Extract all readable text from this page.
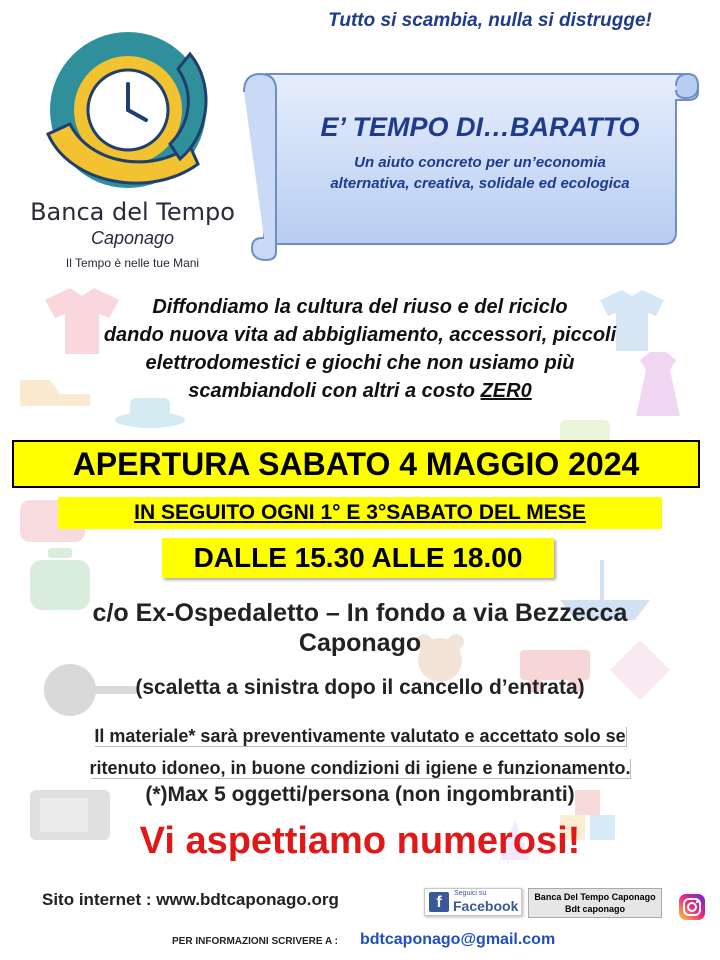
Banca del Tempo
Caponago
Il Tempo è nelle tue Mani
Tutto si scambia, nulla si distrugge!
E’ TEMPO DI…BARATTO
Un aiuto concreto per un’economia
alternativa, creativa, solidale ed ecologica
Diffondiamo la cultura del riuso e del riciclo
dando nuova vita ad abbigliamento, accessori, piccoli
elettrodomestici e giochi che non usiamo più
scambiandoli con altri a costo ZER0
APERTURA SABATO 4 MAGGIO 2024
IN SEGUITO OGNI 1° E 3°SABATO DEL MESE
DALLE 15.30 ALLE 18.00
c/o Ex-Ospedaletto – In fondo a via Bezzecca
Caponago
(scaletta a sinistra dopo il cancello d’entrata)
Il materiale* sarà preventivamente valutato e accettato solo se
ritenuto idoneo, in buone condizioni di igiene e funzionamento.
(*)Max 5 oggetti/persona (non ingombranti)
Vi aspettiamo numerosi!
Sito internet : www.bdtcaponago.org	f
Seguici su
Facebook
Banca Del Tempo Caponago
Bdt caponago
PER INFORMAZIONI SCRIVERE A : bdtcaponago@gmail.com
